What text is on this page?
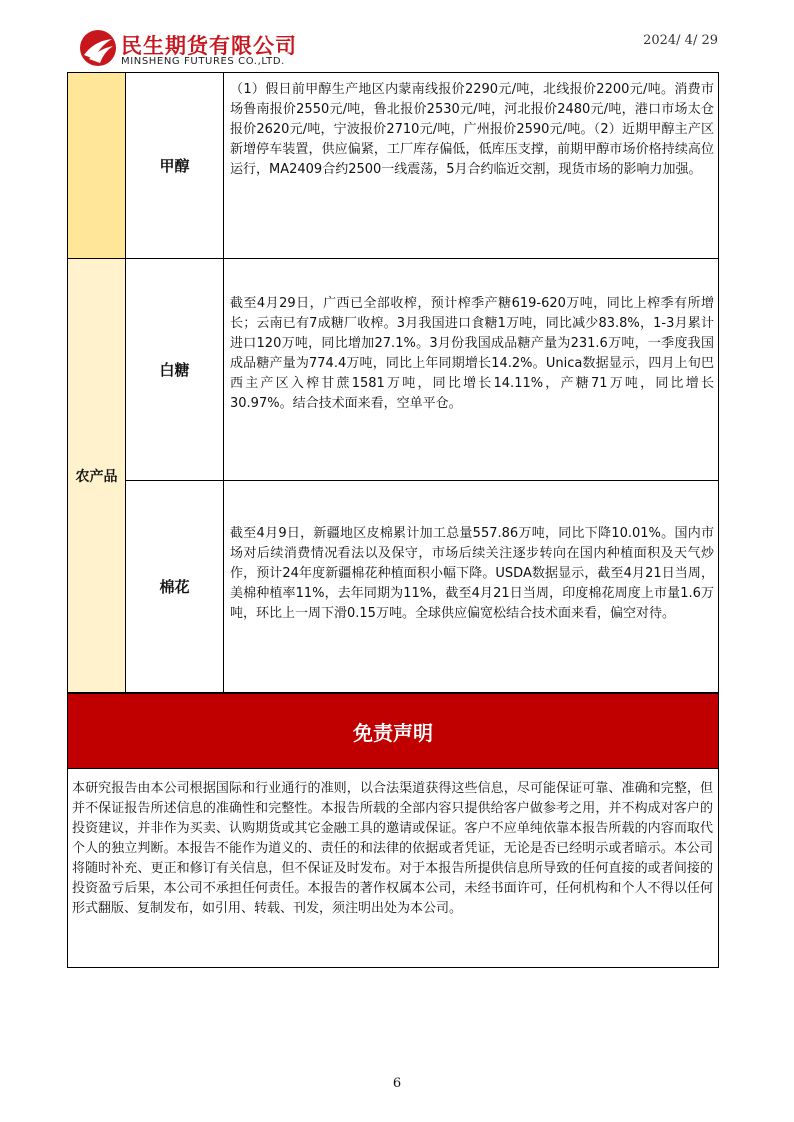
民生期货有限公司
MINSHENG FUTURES CO.,LTD.
2024/ 4/ 29
	甲醇	（1）假日前甲醇生产地区内蒙南线报价2290元/吨，北线报价2200元/吨。消费市场鲁南报价2550元/吨，鲁北报价2530元/吨，河北报价2480元/吨，港口市场太仓报价2620元/吨，宁波报价2710元/吨，广州报价2590元/吨。（2）近期甲醇主产区新增停车装置，供应偏紧，工厂库存偏低，低库压支撑，前期甲醇市场价格持续高位运行，MA2409合约2500一线震荡，5月合约临近交割，现货市场的影响力加强。
农产品	白糖	截至4月29日，广西已全部收榨，预计榨季产糖619-620万吨，同比上榨季有所增长；云南已有7成糖厂收榨。3月我国进口食糖1万吨，同比减少83.8%，1-3月累计进口120万吨，同比增加27.1%。3月份我国成品糖产量为231.6万吨，一季度我国成品糖产量为774.4万吨，同比上年同期增长14.2%。Unica数据显示，四月上旬巴西主产区入榨甘蔗1581万吨，同比增长14.11%，产糖71万吨，同比增长30.97%。结合技术面来看，空单平仓。
	棉花	截至4月9日，新疆地区皮棉累计加工总量557.86万吨，同比下降10.01%。国内市场对后续消费情况看法以及保守，市场后续关注逐步转向在国内种植面积及天气炒作，预计24年度新疆棉花种植面积小幅下降。USDA数据显示，截至4月21日当周，美棉种植率11%，去年同期为11%，截至4月21日当周，印度棉花周度上市量1.6万吨，环比上一周下滑0.15万吨。全球供应偏宽松结合技术面来看，偏空对待。
免责声明
本研究报告由本公司根据国际和行业通行的准则，以合法渠道获得这些信息，尽可能保证可靠、准确和完整，但并不保证报告所述信息的准确性和完整性。本报告所载的全部内容只提供给客户做参考之用，并不构成对客户的投资建议，并非作为买卖、认购期货或其它金融工具的邀请或保证。客户不应单纯依靠本报告所载的内容而取代个人的独立判断。本报告不能作为道义的、责任的和法律的依据或者凭证，无论是否已经明示或者暗示。本公司将随时补充、更正和修订有关信息，但不保证及时发布。对于本报告所提供信息所导致的任何直接的或者间接的投资盈亏后果，本公司不承担任何责任。本报告的著作权属本公司，未经书面许可，任何机构和个人不得以任何形式翻版、复制发布，如引用、转载、刊发，须注明出处为本公司。
6
